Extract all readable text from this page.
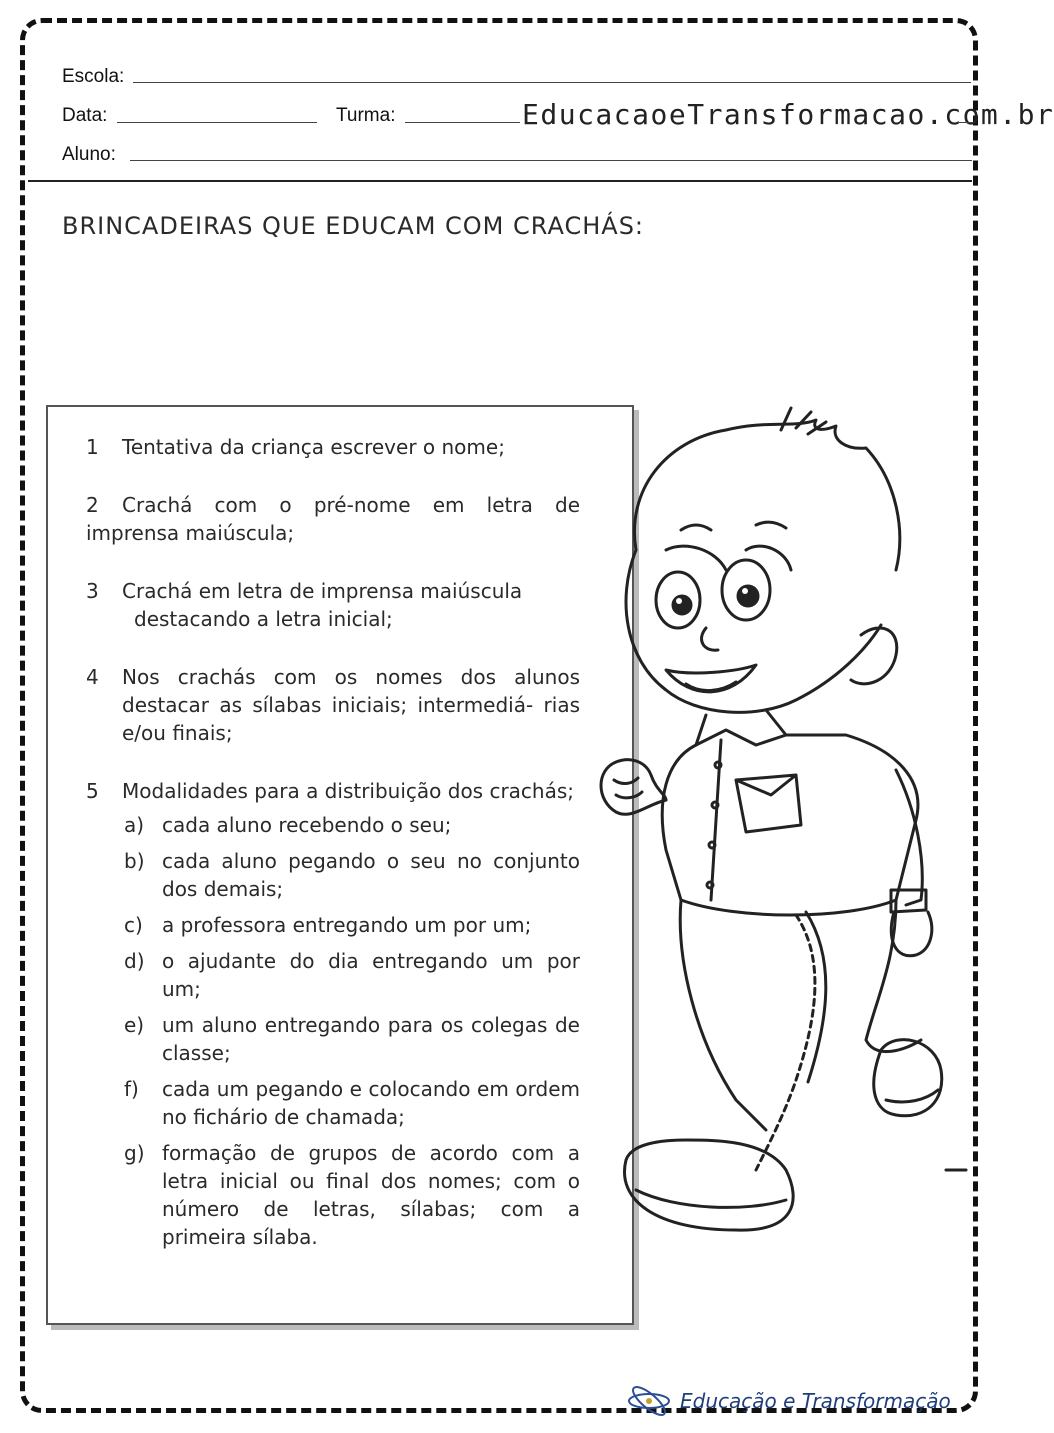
Escola:
Data:	Turma:	EducacaoeTransformacao.com.br
Aluno:
BRINCADEIRAS QUE EDUCAM COM CRACHÁS:
1	Tentativa da criança escrever o nome;
2 Crachá com o pré-nome em letra de imprensa maiúscula;
3	Crachá em letra de imprensa maiúscula
destacando a letra inicial;
4	Nos crachás com os nomes dos alunos destacar as sílabas iniciais; intermediá- rias e/ou finais;
5	Modalidades para a distribuição dos crachás;
a) cada aluno recebendo o seu;
b) cada aluno pegando o seu no conjunto dos demais;
c) a professora entregando um por um;
d) o ajudante do dia entregando um por um;
e) um aluno entregando para os colegas de classe;
f)	cada um pegando e colocando em ordem no fichário de chamada;
g) formação de grupos de acordo com a letra inicial ou final dos nomes; com o número de letras, sílabas; com a primeira sílaba.
Educação e Transformação
